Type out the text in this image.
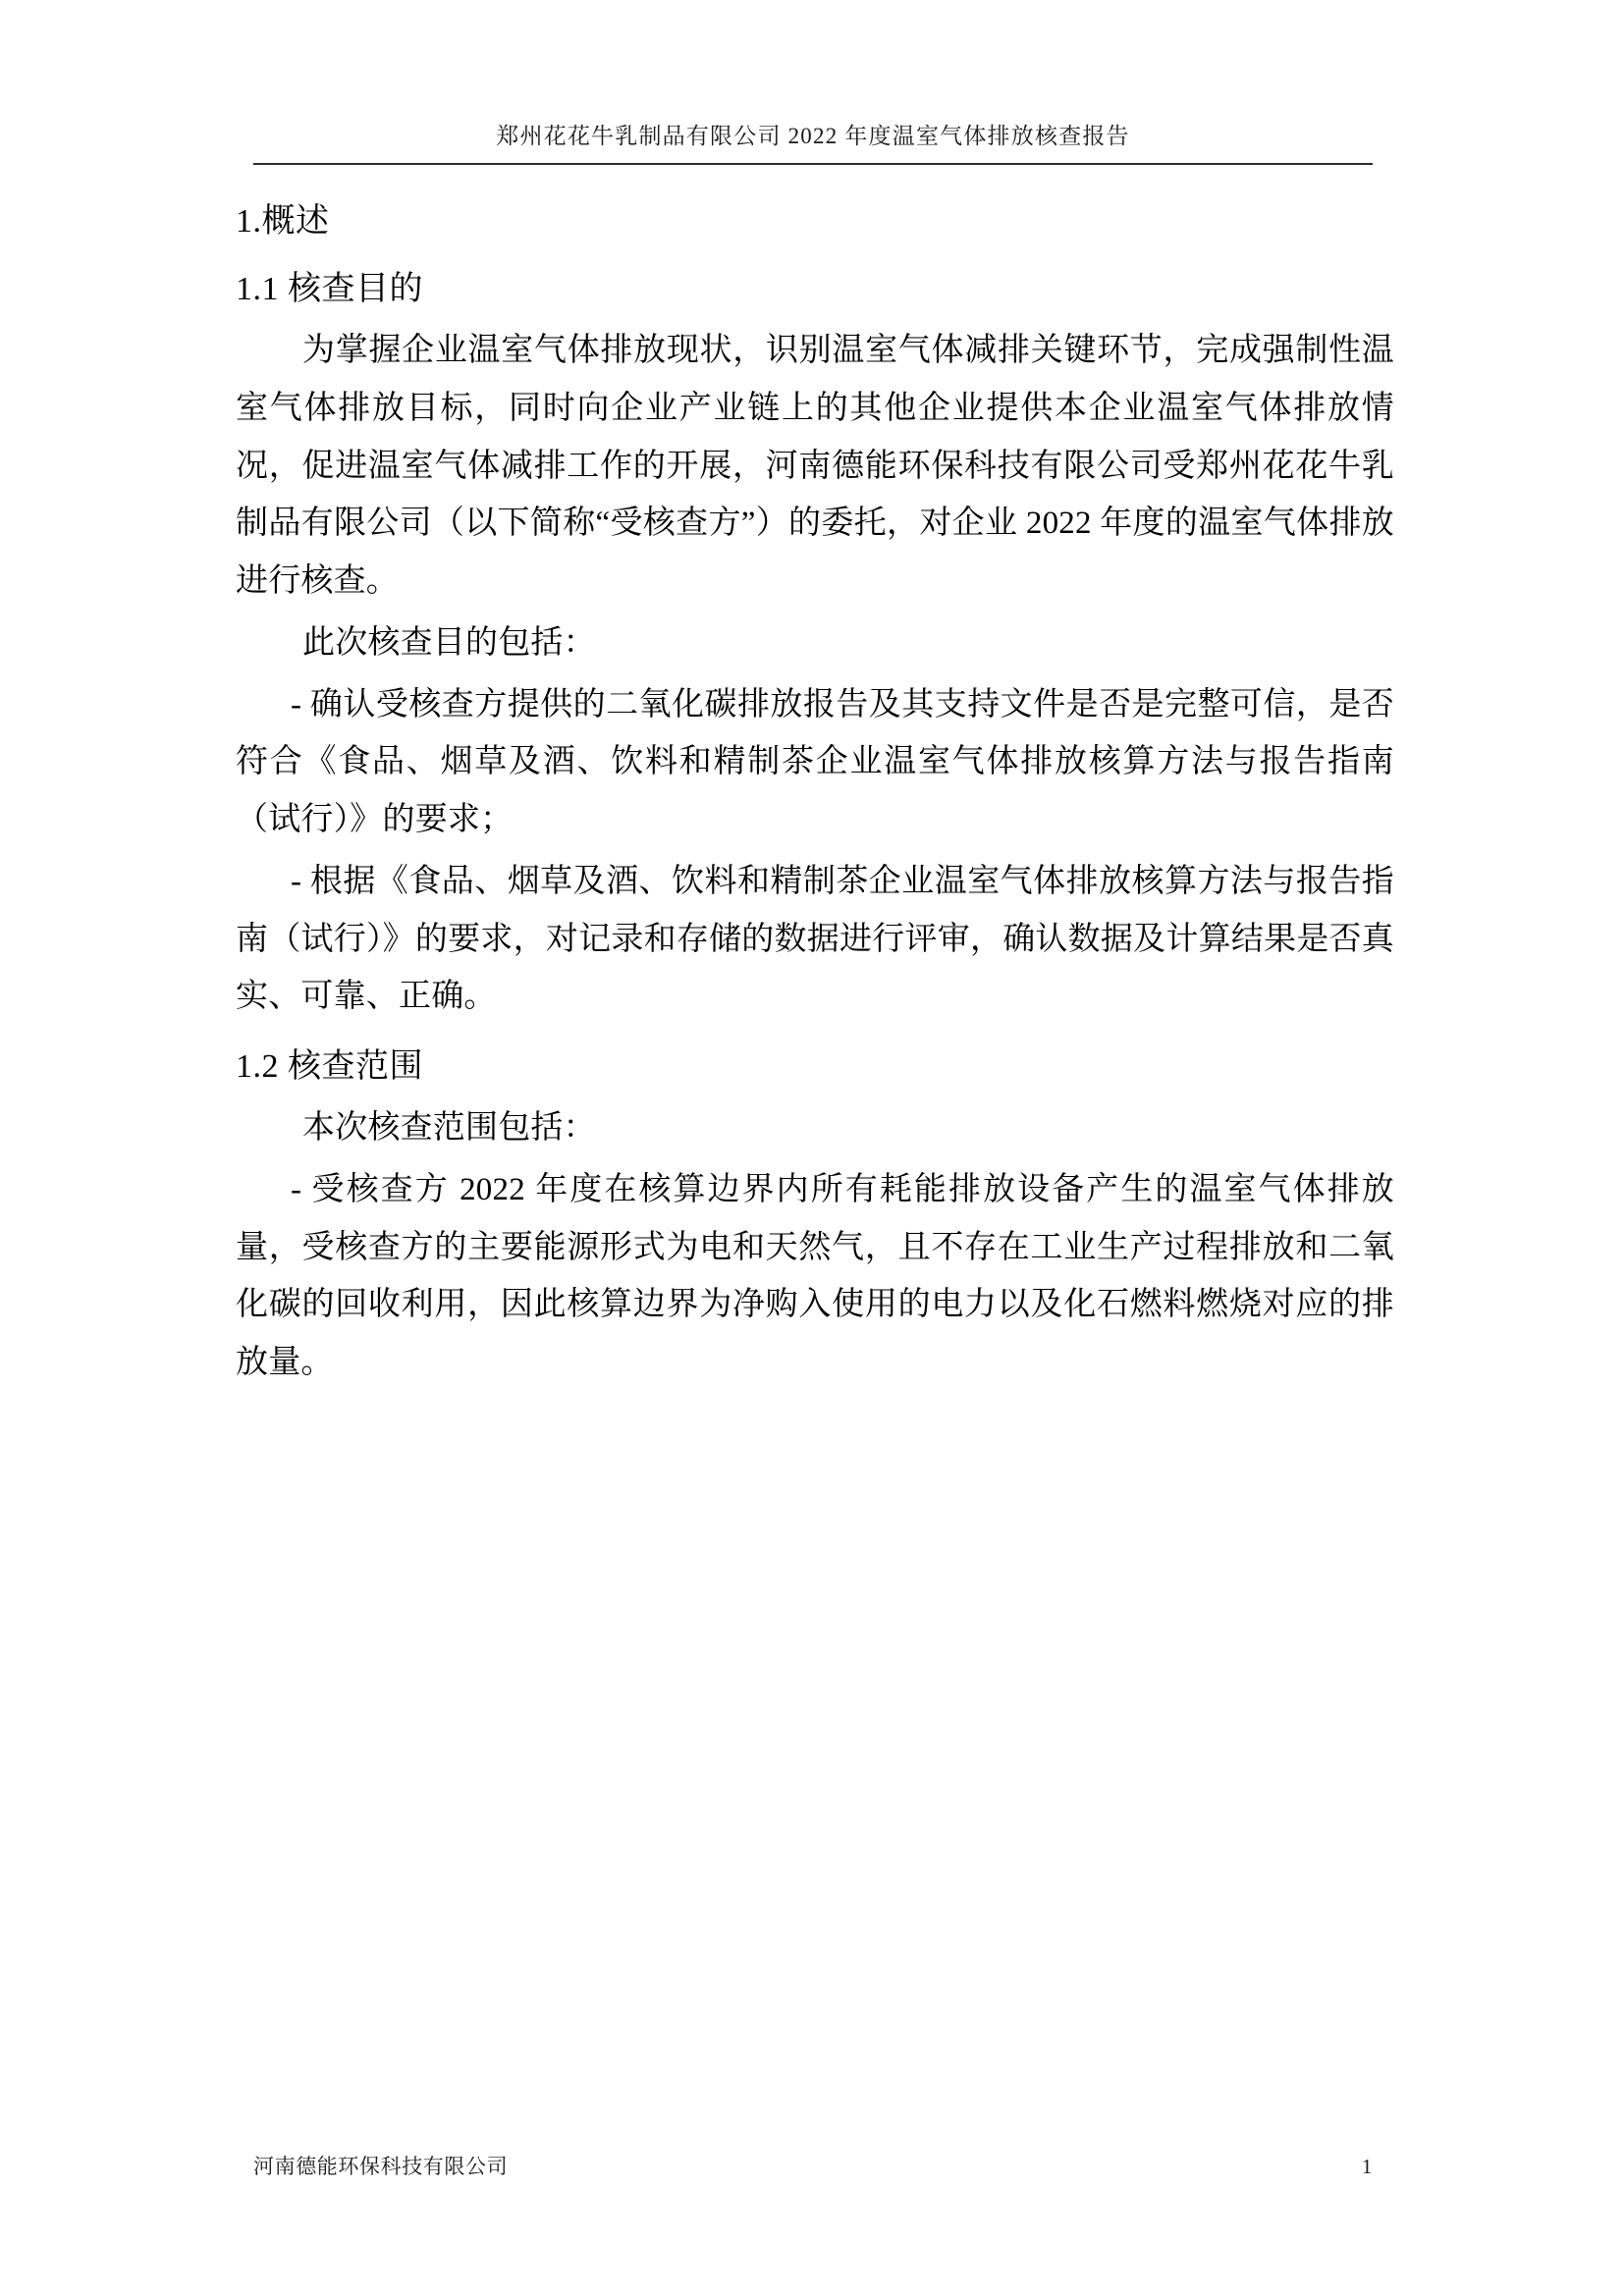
郑州花花牛乳制品有限公司 2022 年度温室气体排放核查报告
1.概述
1.1 核查目的

为掌握企业温室气体排放现状，识别温室气体减排关键环节，完成强制性温室气体排放目标，同时向企业产业链上的其他企业提供本企业温室气体排放情况，促进温室气体减排工作的开展，河南德能环保科技有限公司受郑州花花牛乳制品有限公司（以下简称“受核查方”）的委托，对企业 2022 年度的温室气体排放进行核查。

此次核查目的包括：

- 确认受核查方提供的二氧化碳排放报告及其支持文件是否是完整可信，是否符合《食品、烟草及酒、饮料和精制茶企业温室气体排放核算方法与报告指南（试行）》的要求；

- 根据《食品、烟草及酒、饮料和精制茶企业温室气体排放核算方法与报告指南（试行）》的要求，对记录和存储的数据进行评审，确认数据及计算结果是否真实、可靠、正确。

1.2 核查范围

本次核查范围包括：

- 受核查方 2022 年度在核算边界内所有耗能排放设备产生的温室气体排放量，受核查方的主要能源形式为电和天然气，且不存在工业生产过程排放和二氧化碳的回收利用，因此核算边界为净购入使用的电力以及化石燃料燃烧对应的排放量。

河南德能环保科技有限公司	1
